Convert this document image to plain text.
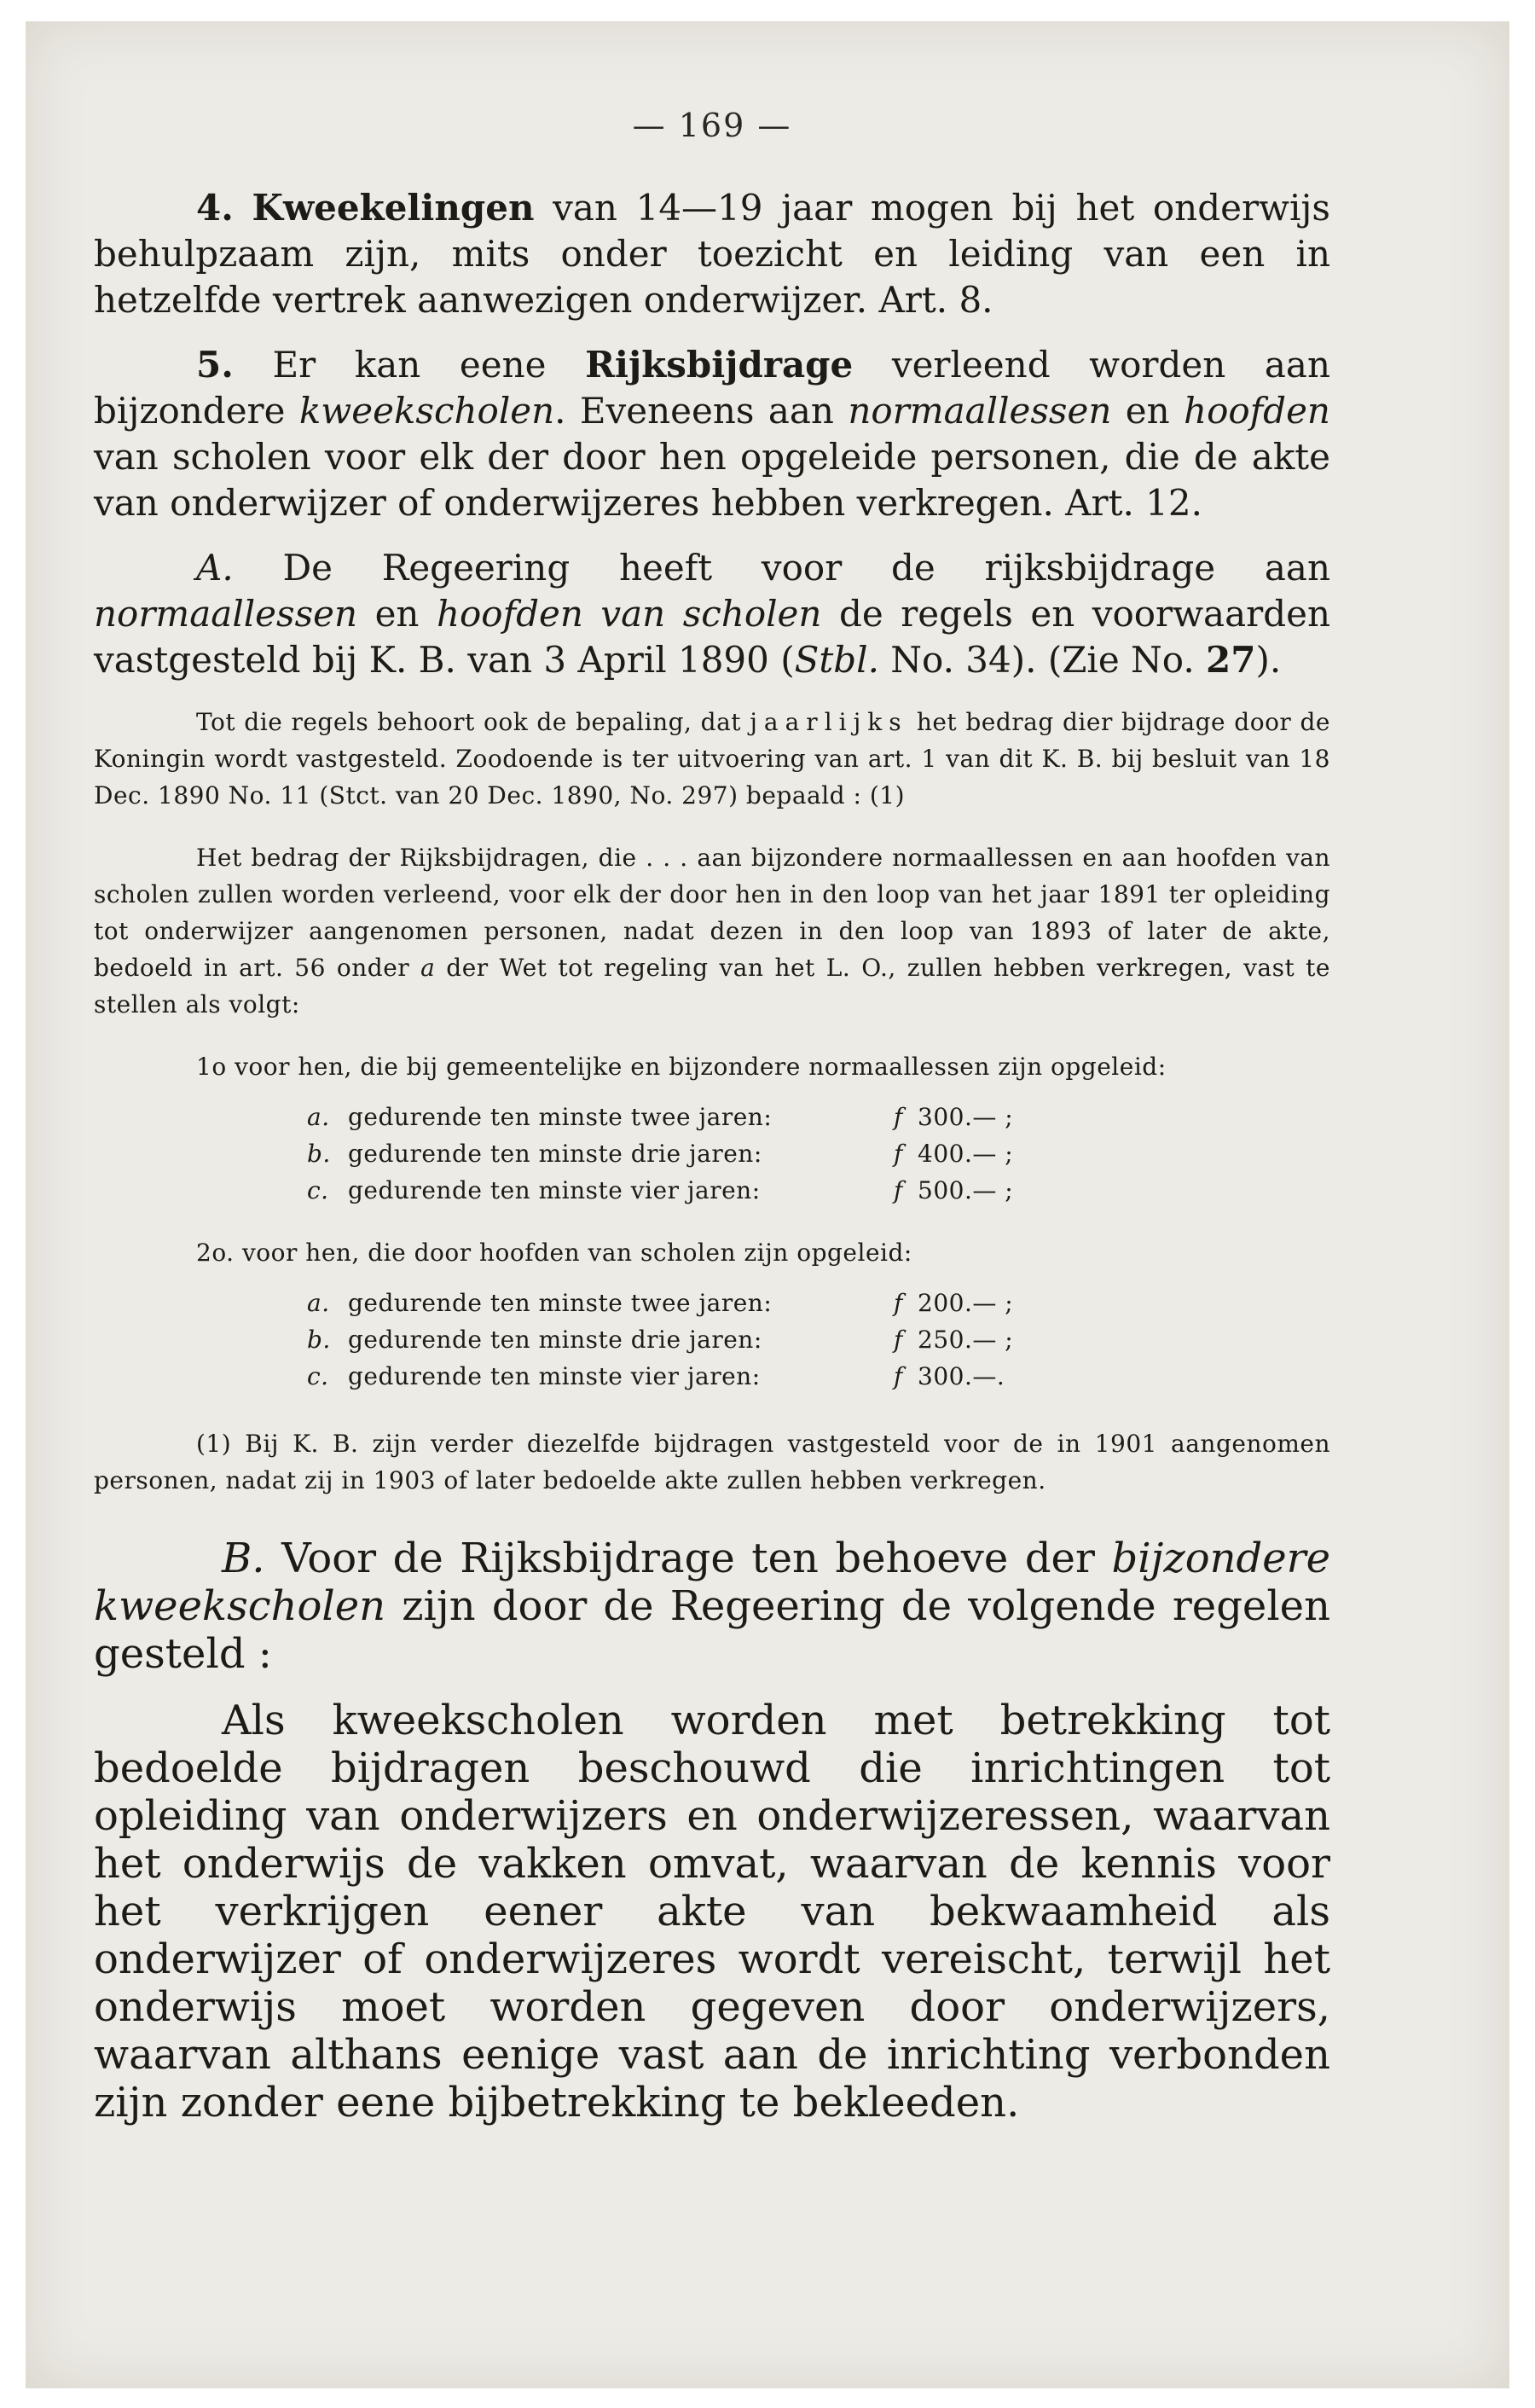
— 169 —

4. Kweekelingen van 14—19 jaar mogen bij het onderwijs behulpzaam zijn, mits onder toezicht en leiding van een in hetzelfde vertrek aanwezigen onderwijzer. Art. 8.

5. Er kan eene Rijksbijdrage verleend worden aan bijzondere kweekscholen. Eveneens aan normaallessen en hoofden van scholen voor elk der door hen opgeleide personen, die de akte van onderwijzer of onderwijzeres hebben verkregen. Art. 12.

A. De Regeering heeft voor de rijksbijdrage aan normaallessen en hoofden van scholen de regels en voorwaarden vastgesteld bij K. B. van 3 April 1890 (Stbl. No. 34). (Zie No. 27).

Tot die regels behoort ook de bepaling, dat jaarlijks het bedrag dier bijdrage door de Koningin wordt vastgesteld. Zoodoende is ter uitvoering van art. 1 van dit K. B. bij besluit van 18 Dec. 1890 No. 11 (Stct. van 20 Dec. 1890, No. 297) bepaald : (1)

Het bedrag der Rijksbijdragen, die . . . aan bijzondere normaallessen en aan hoofden van scholen zullen worden verleend, voor elk der door hen in den loop van het jaar 1891 ter opleiding tot onderwijzer aangenomen personen, nadat dezen in den loop van 1893 of later de akte, bedoeld in art. 56 onder a der Wet tot regeling van het L. O., zullen hebben verkregen, vast te stellen als volgt:

1o voor hen, die bij gemeentelijke en bijzondere normaallessen zijn opgeleid:
a. gedurende ten minste twee jaren:	f 300.— ;
b. gedurende ten minste drie jaren:	f 400.— ;
c. gedurende ten minste vier jaren:	f 500.— ;
2o. voor hen, die door hoofden van scholen zijn opgeleid:
a. gedurende ten minste twee jaren:	f 200.— ;
b. gedurende ten minste drie jaren:	f 250.— ;
c. gedurende ten minste vier jaren:	f 300.—.

(1) Bij K. B. zijn verder diezelfde bijdragen vastgesteld voor de in 1901 aangenomen personen, nadat zij in 1903 of later bedoelde akte zullen hebben verkregen.

B. Voor de Rijksbijdrage ten behoeve der bijzondere kweekscholen zijn door de Regeering de volgende regelen gesteld :

Als kweekscholen worden met betrekking tot bedoelde bijdragen beschouwd die inrichtingen tot opleiding van onderwijzers en onderwijzeressen, waarvan het onderwijs de vakken omvat, waarvan de kennis voor het verkrijgen eener akte van bekwaamheid als onderwijzer of onderwijzeres wordt vereischt, terwijl het onderwijs moet worden gegeven door onderwijzers, waarvan althans eenige vast aan de inrichting verbonden zijn zonder eene bijbetrekking te bekleeden.
